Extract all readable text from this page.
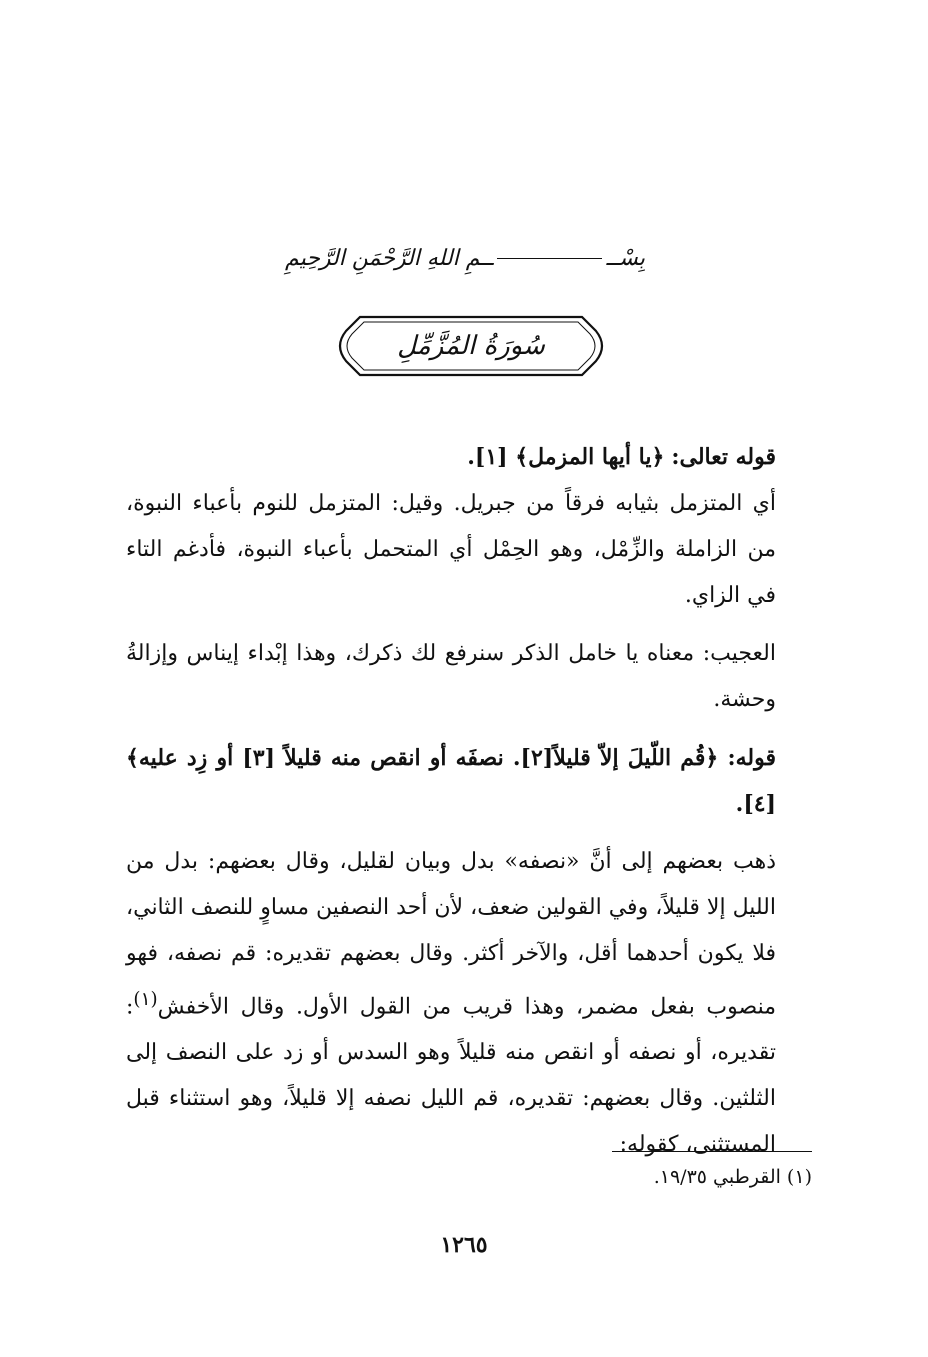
بِسْــــمِ اللهِ الرَّحْمَنِ الرَّحِيمِ
سُورَةُ المُزَّمِّلِ

قوله تعالى: ﴿يا أيها المزمل﴾ [١].

أي المتزمل بثيابه فرقاً من جبريل. وقيل: المتزمل للنوم بأعباء النبوة، من الزاملة والزِّمْل، وهو الحِمْل أي المتحمل بأعباء النبوة، فأدغم التاء في الزاي.

العجيب: معناه يا خامل الذكر سنرفع لك ذكرك، وهذا إبْداء إيناس وإزالةُ وحشة.

قوله: ﴿قُم اللّيلَ إلاّ قليلاً[٢]. نصفَه أو انقص منه قليلاً [٣] أو زِد عليه﴾ [٤].

ذهب بعضهم إلى أنَّ «نصفه» بدل وبيان لقليل، وقال بعضهم: بدل من الليل إلا قليلاً، وفي القولين ضعف، لأن أحد النصفين مساوٍ للنصف الثاني، فلا يكون أحدهما أقل، والآخر أكثر. وقال بعضهم تقديره: قم نصفه، فهو منصوب بفعل مضمر، وهذا قريب من القول الأول. وقال الأخفش$^{(١)}$: تقديره، أو نصفه أو انقص منه قليلاً وهو السدس أو زد على النصف إلى الثلثين. وقال بعضهم: تقديره، قم الليل نصفه إلا قليلاً، وهو استثناء قبل المستثنى، كقوله:

(١) القرطبي ١٩/٣٥.
١٢٦٥
